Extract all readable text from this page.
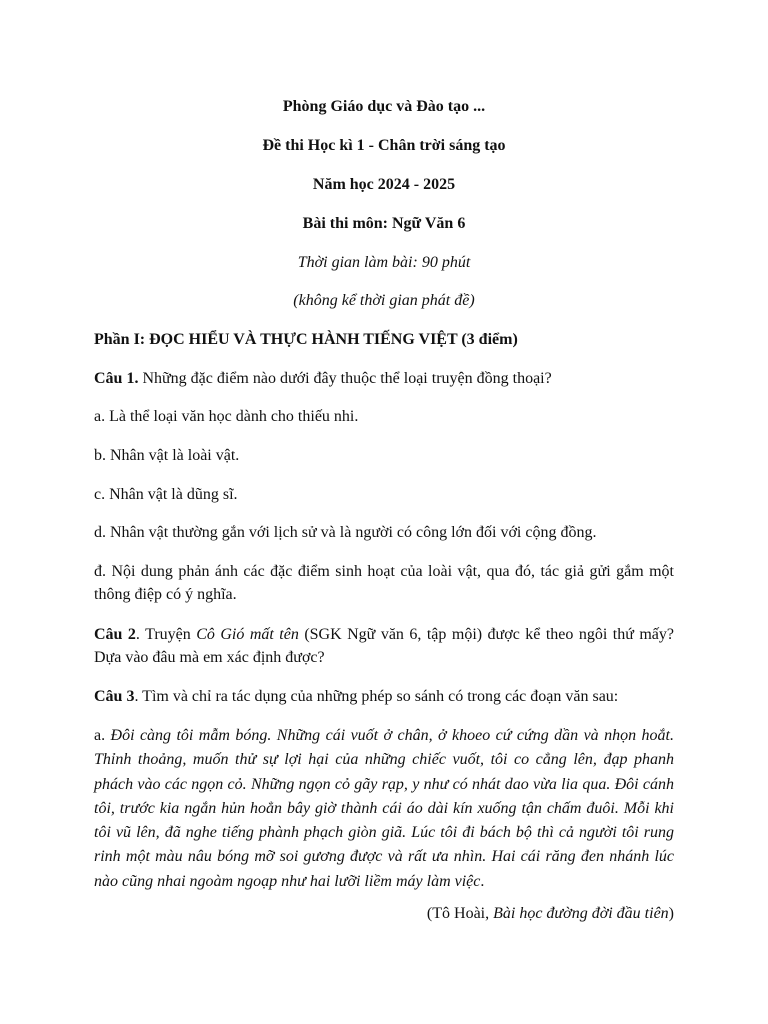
Phòng Giáo dục và Đào tạo ...
Đề thi Học kì 1 - Chân trời sáng tạo
Năm học 2024 - 2025
Bài thi môn: Ngữ Văn 6
Thời gian làm bài: 90 phút
(không kể thời gian phát đề)
Phần I: ĐỌC HIỂU VÀ THỰC HÀNH TIẾNG VIỆT (3 điểm)
Câu 1. Những đặc điểm nào dưới đây thuộc thể loại truyện đồng thoại?
a. Là thể loại văn học dành cho thiếu nhi.
b. Nhân vật là loài vật.
c. Nhân vật là dũng sĩ.
d. Nhân vật thường gắn với lịch sử và là người có công lớn đối với cộng đồng.
đ. Nội dung phản ánh các đặc điểm sinh hoạt của loài vật, qua đó, tác giả gửi gắm một thông điệp có ý nghĩa.
Câu 2. Truyện Cô Gió mất tên (SGK Ngữ văn 6, tập mội) được kể theo ngôi thứ mấy? Dựa vào đâu mà em xác định được?
Câu 3. Tìm và chỉ ra tác dụng của những phép so sánh có trong các đoạn văn sau:
a. Đôi càng tôi mẫm bóng. Những cái vuốt ở chân, ở khoeo cứ cứng dần và nhọn hoắt. Thỉnh thoảng, muốn thử sự lợi hại của những chiếc vuốt, tôi co cẳng lên, đạp phanh phách vào các ngọn cỏ. Những ngọn cỏ gãy rạp, y như có nhát dao vừa lia qua. Đôi cánh tôi, trước kia ngắn hủn hoẳn bây giờ thành cái áo dài kín xuống tận chấm đuôi. Mỗi khi tôi vũ lên, đã nghe tiếng phành phạch giòn giã. Lúc tôi đi bách bộ thì cả người tôi rung rinh một màu nâu bóng mỡ soi gương được và rất ưa nhìn. Hai cái răng đen nhánh lúc nào cũng nhai ngoàm ngoạp như hai lưỡi liềm máy làm việc.
(Tô Hoài, Bài học đường đời đầu tiên)
